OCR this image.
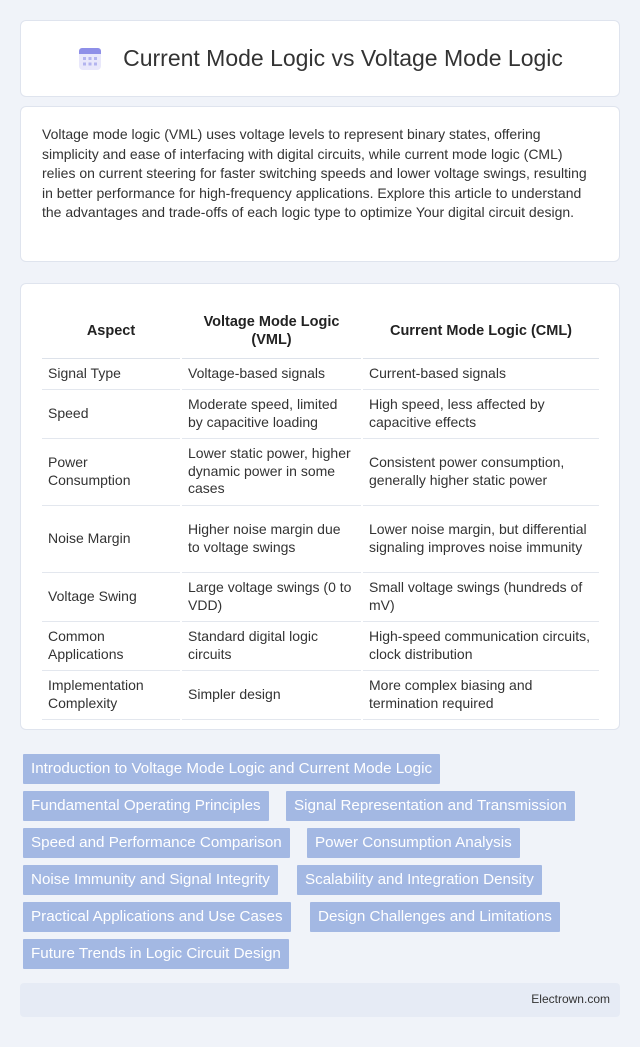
Current Mode Logic vs Voltage Mode Logic

Voltage mode logic (VML) uses voltage levels to represent binary states, offering simplicity and ease of interfacing with digital circuits, while current mode logic (CML) relies on current steering for faster switching speeds and lower voltage swings, resulting in better performance for high-frequency applications. Explore this article to understand the advantages and trade-offs of each logic type to optimize Your digital circuit design.

Aspect	Voltage Mode Logic (VML)	Current Mode Logic (CML)
Signal Type	Voltage-based signals	Current-based signals
Speed	Moderate speed, limited by capacitive loading	High speed, less affected by capacitive effects
Power Consumption	Lower static power, higher dynamic power in some cases	Consistent power consumption, generally higher static power
Noise Margin	Higher noise margin due to voltage swings	Lower noise margin, but differential signaling improves noise immunity
Voltage Swing	Large voltage swings (0 to VDD)	Small voltage swings (hundreds of mV)
Common Applications	Standard digital logic circuits	High-speed communication circuits, clock distribution
Implementation Complexity	Simpler design	More complex biasing and termination required
Introduction to Voltage Mode Logic and Current Mode Logic
Fundamental Operating Principles	Signal Representation and Transmission
Speed and Performance Comparison	Power Consumption Analysis
Noise Immunity and Signal Integrity	Scalability and Integration Density
Practical Applications and Use Cases	Design Challenges and Limitations
Future Trends in Logic Circuit Design
Electrown.com
